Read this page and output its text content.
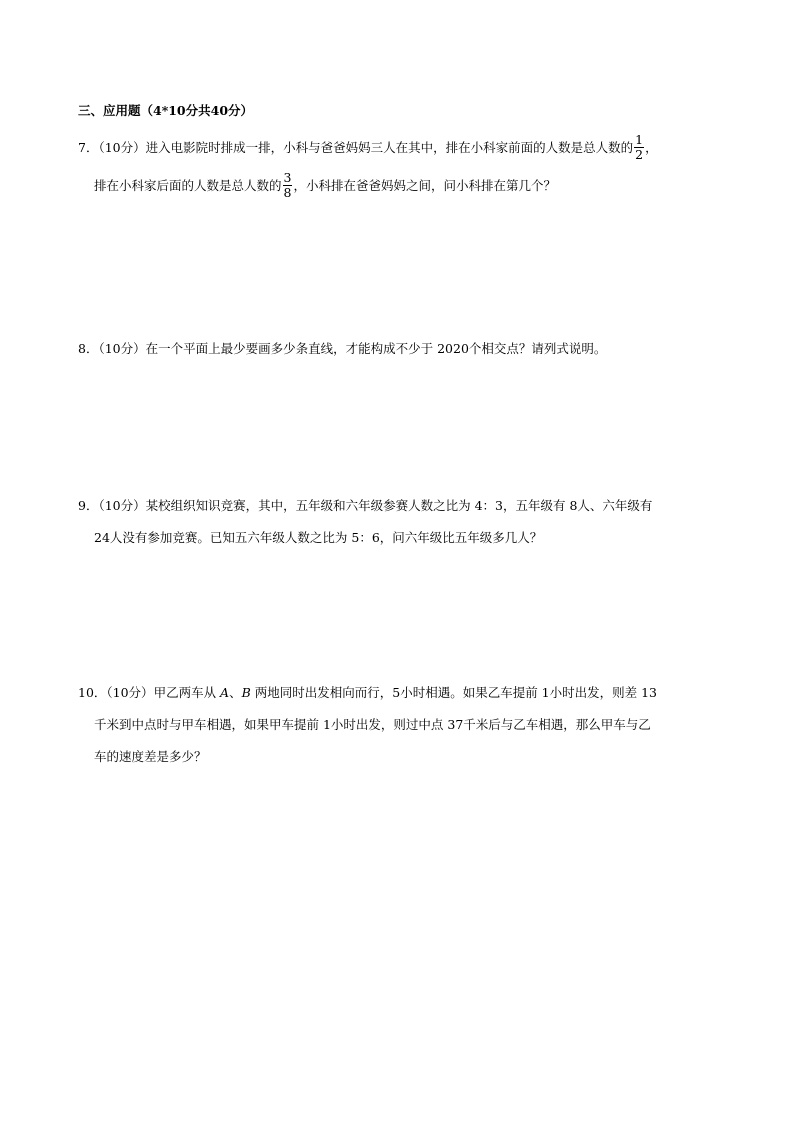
三、应用题（4*10分共40分）
7．（10分）进入电影院时排成一排，小科与爸爸妈妈三人在其中，排在小科家前面的人数是总人数的 $\frac{1}{2}$ ，
排在小科家后面的人数是总人数的 $\frac{3}{8}$ ，小科排在爸爸妈妈之间，问小科排在第几个？
8．（10分）在一个平面上最少要画多少条直线，才能构成不少于 2020个相交点？请列式说明。
9．（10分）某校组织知识竞赛，其中，五年级和六年级参赛人数之比为 4：3，五年级有 8人、六年级有
24人没有参加竞赛。已知五六年级人数之比为 5：6，问六年级比五年级多几人？
10．（10分）甲乙两车从 A、B 两地同时出发相向而行，5小时相遇。如果乙车提前 1小时出发，则差 13
千米到中点时与甲车相遇，如果甲车提前 1小时出发，则过中点 37千米后与乙车相遇，那么甲车与乙
车的速度差是多少？
